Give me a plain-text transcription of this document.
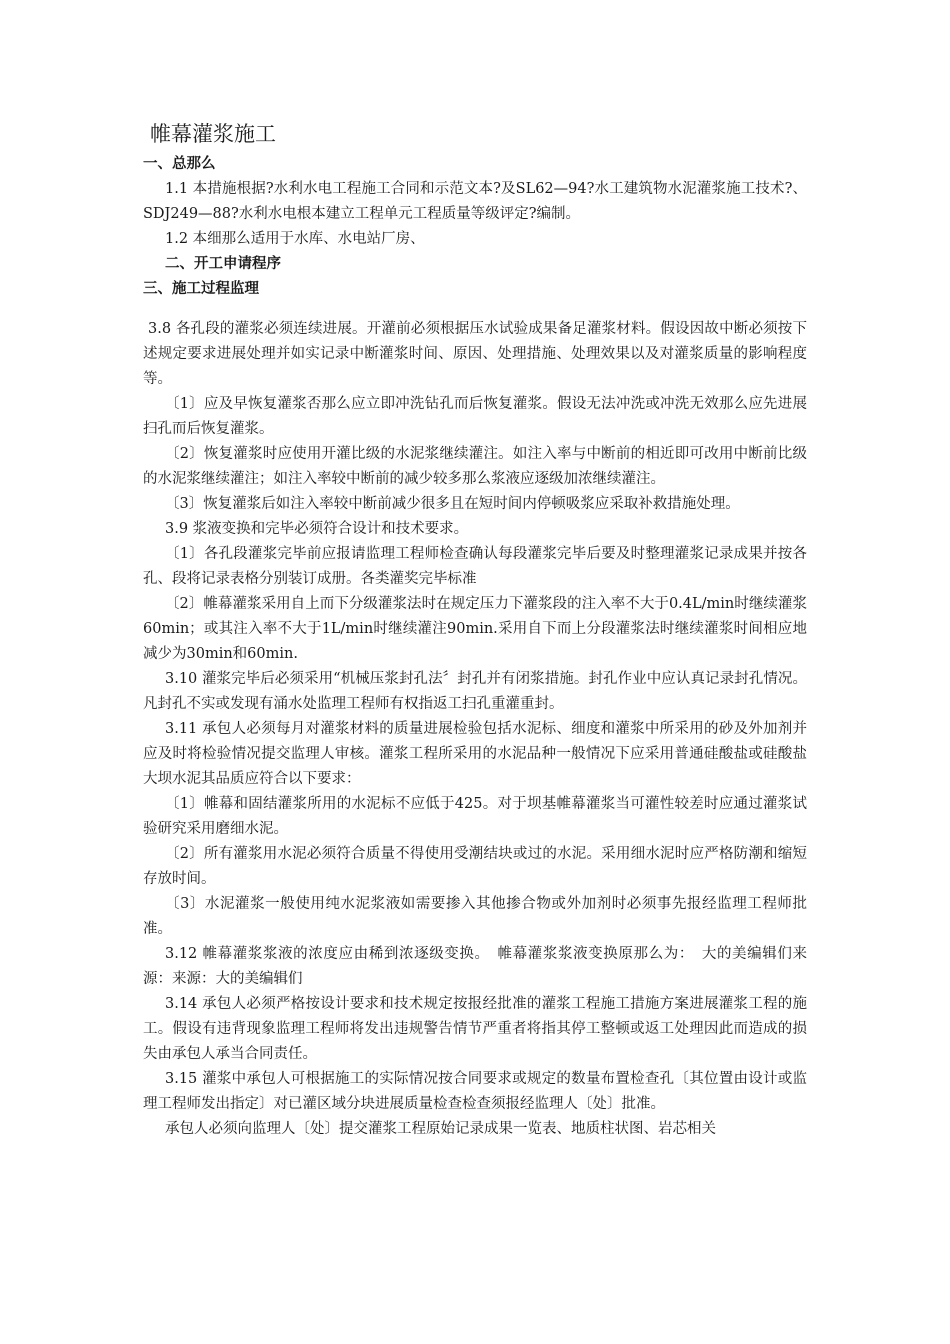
帷幕灌浆施工

一、总那么

1.1 本措施根据?水利水电工程施工合同和示范文本?及SL62—94?水工建筑物水泥灌浆施工技术?、SDJ249—88?水利水电根本建立工程单元工程质量等级评定?编制。

1.2 本细那么适用于水库、水电站厂房、

二、开工申请程序

三、施工过程监理

3.8 各孔段的灌浆必须连续进展。开灌前必须根据压水试验成果备足灌浆材料。假设因故中断必须按下述规定要求进展处理并如实记录中断灌浆时间、原因、处理措施、处理效果以及对灌浆质量的影响程度等。

〔1〕应及早恢复灌浆否那么应立即冲洗钻孔而后恢复灌浆。假设无法冲洗或冲洗无效那么应先进展扫孔而后恢复灌浆。

〔2〕恢复灌浆时应使用开灌比级的水泥浆继续灌注。如注入率与中断前的相近即可改用中断前比级的水泥浆继续灌注；如注入率较中断前的减少较多那么浆液应逐级加浓继续灌注。

〔3〕恢复灌浆后如注入率较中断前减少很多且在短时间内停顿吸浆应采取补救措施处理。

3.9 浆液变换和完毕必须符合设计和技术要求。

〔1〕各孔段灌浆完毕前应报请监理工程师检查确认每段灌浆完毕后要及时整理灌浆记录成果并按各孔、段将记录表格分别装订成册。各类灌奖完毕标准

〔2〕帷幕灌浆采用自上而下分级灌浆法时在规定压力下灌浆段的注入率不大于0.4L/min时继续灌浆60min；或其注入率不大于1L/min时继续灌注90min.采用自下而上分段灌浆法时继续灌浆时间相应地减少为30min和60min.

3.10 灌浆完毕后必须采用“机械压浆封孔法〞封孔并有闭浆措施。封孔作业中应认真记录封孔情况。凡封孔不实或发现有涌水处监理工程师有权指返工扫孔重灌重封。

3.11 承包人必须每月对灌浆材料的质量进展检验包括水泥标、细度和灌浆中所采用的砂及外加剂并应及时将检验情况提交监理人审核。灌浆工程所采用的水泥品种一般情况下应采用普通硅酸盐或硅酸盐大坝水泥其品质应符合以下要求：

〔1〕帷幕和固结灌浆所用的水泥标不应低于425。对于坝基帷幕灌浆当可灌性较差时应通过灌浆试验研究采用磨细水泥。

〔2〕所有灌浆用水泥必须符合质量不得使用受潮结块或过的水泥。采用细水泥时应严格防潮和缩短存放时间。

〔3〕水泥灌浆一般使用纯水泥浆液如需要掺入其他掺合物或外加剂时必须事先报经监理工程师批准。

3.12 帷幕灌浆浆液的浓度应由稀到浓逐级变换。　帷幕灌浆浆液变换原那么为：　大的美编辑们来源：来源：大的美编辑们

3.14 承包人必须严格按设计要求和技术规定按报经批准的灌浆工程施工措施方案进展灌浆工程的施工。假设有违背现象监理工程师将发出违规警告情节严重者将指其停工整顿或返工处理因此而造成的损失由承包人承当合同责任。

3.15 灌浆中承包人可根据施工的实际情况按合同要求或规定的数量布置检查孔〔其位置由设计或监理工程师发出指定〕对已灌区域分块进展质量检查检查须报经监理人〔处〕批准。

承包人必须向监理人〔处〕提交灌浆工程原始记录成果一览表、地质柱状图、岩芯相关
